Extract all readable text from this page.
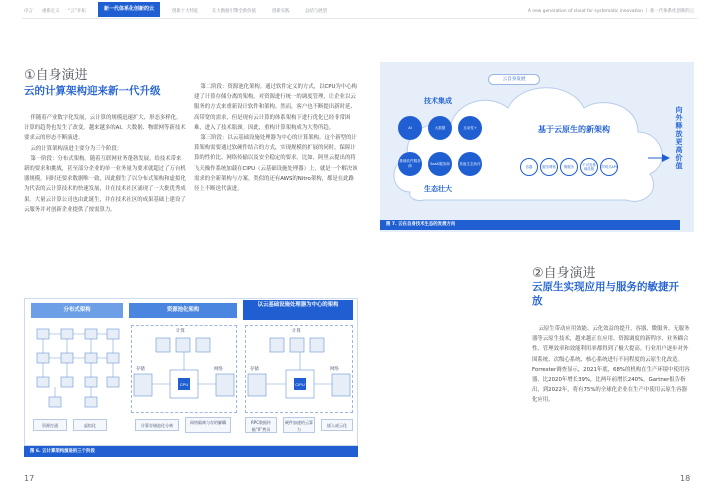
序言 重新定义 “云”开拓	新一代体系化创新的云	创新十大特征	在大数据引擎全新价值	创新实践	总结与展望	A new generation of cloud for systematic innovation 丨 新一代体系化创新的云
①自身演进
云的计算架构迎来新一代升级

伴随着产业数字化发展，云计算的规模迅速扩大、形态多样化。计算的趋势也发生了改变，越来越多的AI、大数据、物联网等新技术要求云的形态不断演进。

云的计算架构演进主要分为三个阶段：

第一阶段：分布式架构。随着互联网业务蓬勃发展，给技术带来新的要求和挑战，甚至部分企业的单一业务量为要求就超过了万台机器规模，同时还要求数据唯一致，因此催生了以分布式架构和虚拟化为代表的云计算技术的快速发展，并在技术社区涌现了一大批优秀成果。大量云计算公司也由此诞生，并在技术社区的成果基础上建设了云服务并对创新企业提供了按需算力。

第二阶段：资源池化架构。通过软件定义的方式，以CPU为中心构建了计算存储分离的架构，对资源进行统一的调度管理，让企业以云服务的方式来重新设计软件和架构。然而，客户也不断提出新时延、高带宽的需求，但是现有云计算的体系架构下进行优化已经非常困难，进入了技术瓶颈。因此，重构计算架构成为大势所趋。

第三阶段：以云基础设施处理器为中心的计算架构。这个新型的计算架构需要通过软硬件结合的方式，实现规模的扩展的同时，保障计算的性价比、网络传输以及安全稳定的要求。比如，阿里云提出的将飞天操作系统加载在CIPU（云基础设施处理器）上，就是一个解决该需求的全新架构与方案。类似的还有AWS的Nitro架构，都是在此路径上不断迭代演进。

分布式架构	资源池化架构
以云基础设施处理器为中心的架构
计算
存储	网络
CPU
计算
存储	网络
CIPU
资源打通	虚拟化	计算存储池化分离
网络隔离与存的解耦	RPC数据传输“0”拷贝
硬件加速的云算力
插入或云化
图 6. 云计算架构演进的三个阶段
17
云自身发展
技术集成
AI	大数据	互动性+
基础软件服务商
SaaS服务商	其他生态伙伴
生态壮大
基于云原生的新架构
容器	服务网格	微服务
不可变基础设施
声明式API	向外释放更高价值
图 7. 云在自身技术生态的发展方向
②自身演进
云原生实现应用与服务的敏捷开放

云原生带动应用效能、云化效益的提升，容器、微服务、无服务器等云原生技术，越来越正在应用、资源调度的新程序、业务耦合性、管理效率和效能利用率都得到了极大提高。行业用户逐步对外围系统、次级心系统、核心系统进行不同程度的云原生化改造。Forrester调查显示，2021年底，68%的机构在生产环境中使用容器，比2020年增长39%，比两年前增长240%。Gartner报告指出，到2022年，将有75%的全球化企业在生产中使用云原生容器化应用。

18
